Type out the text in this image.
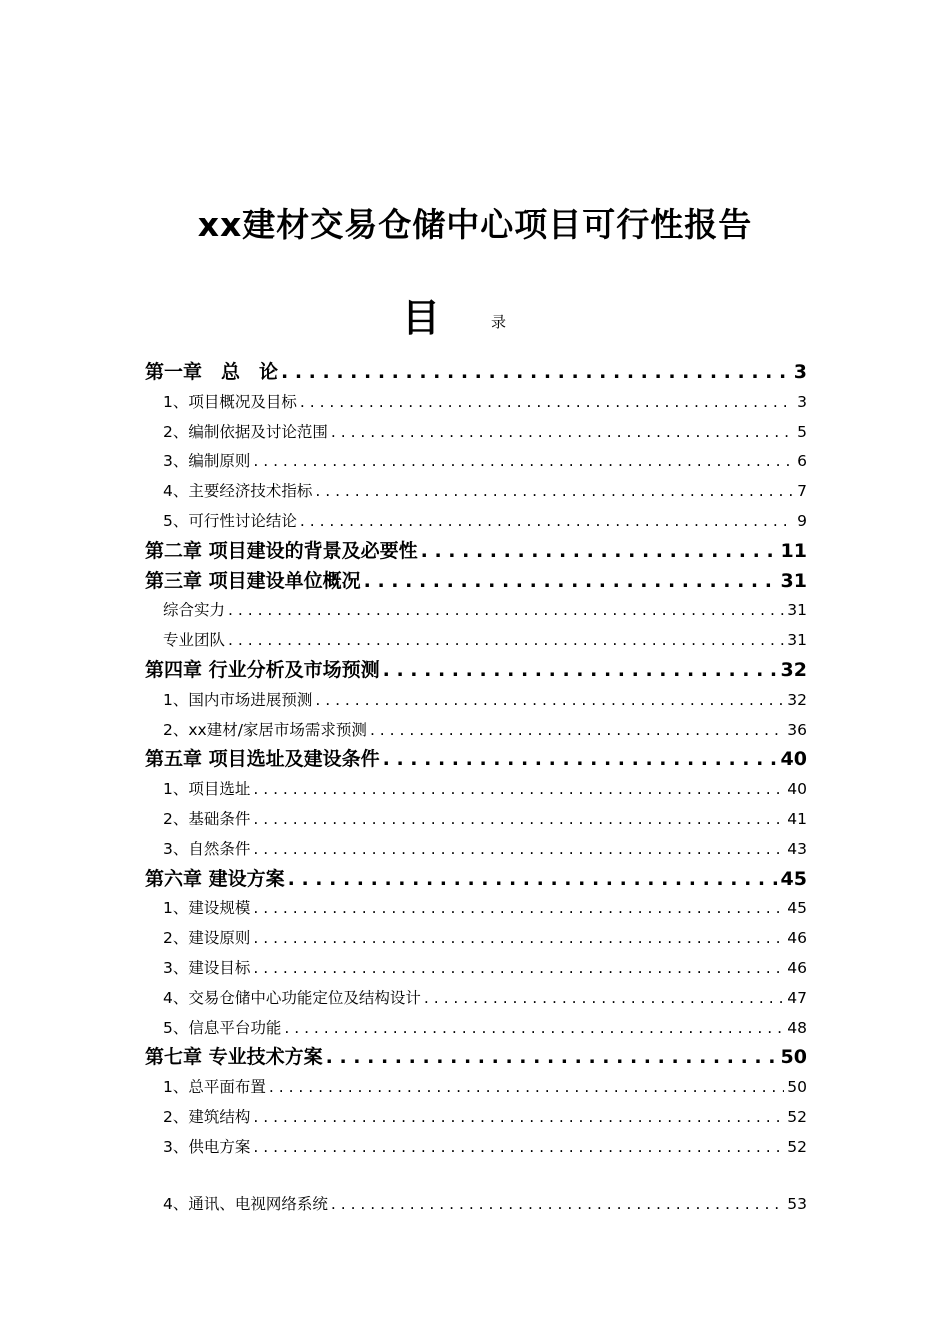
xx建材交易仓储中心项目可行性报告
目	录
第一章　总　论 . . .	3
1、项目概况及目标 . . .	3
2、编制依据及讨论范围 . . .	5
3、编制原则 . . .	6
4、主要经济技术指标 . . .	7
5、可行性讨论结论 . . .	9
第二章 项目建设的背景及必要性 . . .	11
第三章 项目建设单位概况 . . .	31
综合实力 . . .	31
专业团队 . . .	31
第四章 行业分析及市场预测 . . .	32
1、国内市场进展预测 . . .	32
2、xx建材/家居市场需求预测 . . .	36
第五章 项目选址及建设条件 . . .	40
1、项目选址 . . .	40
2、基础条件 . . .	41
3、自然条件 . . .	43
第六章 建设方案 . . .	45
1、建设规模 . . .	45
2、建设原则 . . .	46
3、建设目标 . . .	46
4、交易仓储中心功能定位及结构设计 . . .	47
5、信息平台功能 . . .	48
第七章 专业技术方案 . . .	50
1、总平面布置 . . .	50
2、建筑结构 . . .	52
3、供电方案 . . .	52
4、通讯、电视网络系统 . . .	53
